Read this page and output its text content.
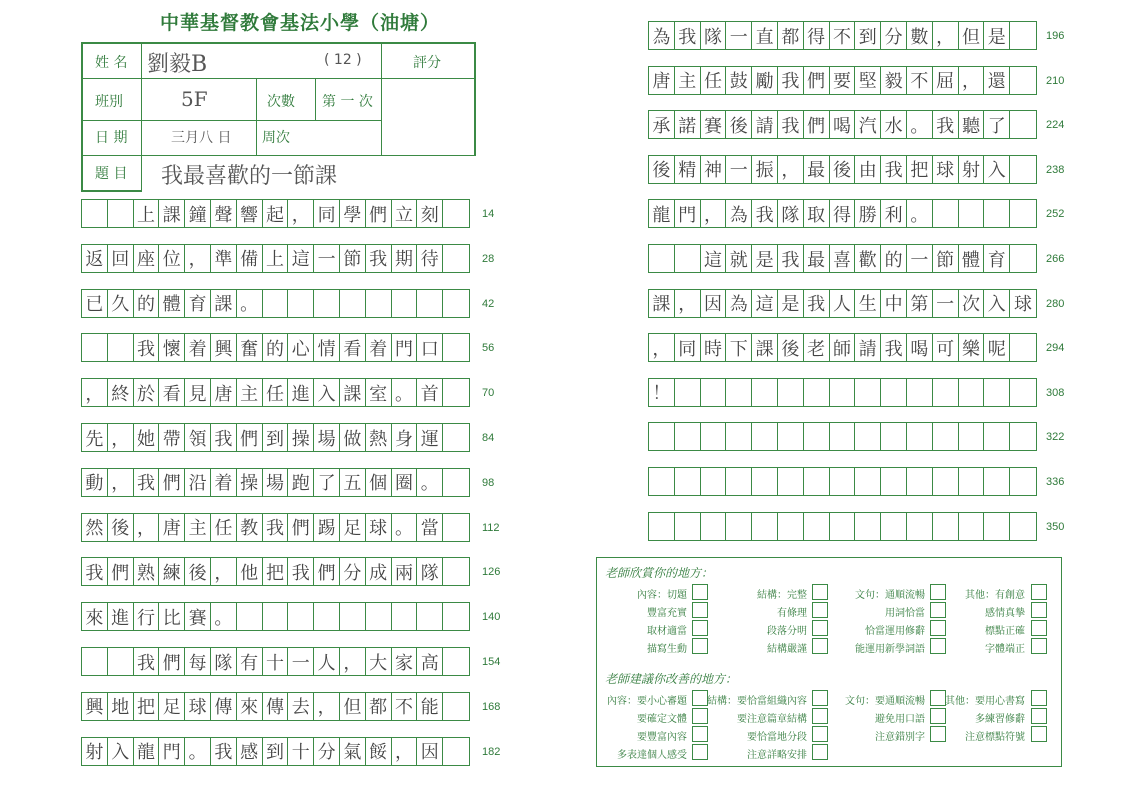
中華基督教會基法小學（油塘）
姓 名 劉毅B	( 12 )	評分
班別	5F	次數 第 一 次
日 期	三月八 日 周次
題 目 我最喜歡的一節課
上 課 鐘 聲 響 起 ， 同 學 們 立 刻	14
返 回 座 位 ， 準 備 上 這 一 節 我 期 待	28
已 久 的 體 育 課 。	42
我 懷 着 興 奮 的 心 情 看 着 門 口	56
， 終 於 看 見 唐 主 任 進 入 課 室 。 首	70
先 ， 她 帶 領 我 們 到 操 場 做 熱 身 運	84
動 ， 我 們 沿 着 操 場 跑 了 五 個 圈 。	98
然 後 ， 唐 主 任 教 我 們 踢 足 球 。 當	112
我 們 熟 練 後 ， 他 把 我 們 分 成 兩 隊	126
來 進 行 比 賽 。	140
我 們 每 隊 有 十 一 人 ， 大 家 高	154
興 地 把 足 球 傳 來 傳 去 ， 但 都 不 能	168
射 入 龍 門 。 我 感 到 十 分 氣 餒 ， 因	182
為 我 隊 一 直 都 得 不 到 分 數 ， 但 是	196
唐 主 任 鼓 勵 我 們 要 堅 毅 不 屈 ， 還	210
承 諾 賽 後 請 我 們 喝 汽 水 。 我 聽 了	224
後 精 神 一 振 ， 最 後 由 我 把 球 射 入	238
龍 門 ， 為 我 隊 取 得 勝 利 。	252
這 就 是 我 最 喜 歡 的 一 節 體 育	266
課 ， 因 為 這 是 我 人 生 中 第 一 次 入 球	280
， 同 時 下 課 後 老 師 請 我 喝 可 樂 呢	294
！	308
322
336
350
老師欣賞你的地方：
內容：切題	結構：完整	文句：通順流暢	其他：有創意
豐富充實	有條理	用詞恰當	感情真摯
取材適當	段落分明	恰當運用修辭	標點正確
描寫生動	結構嚴謹	能運用新學詞語	字體端正
老師建議你改善的地方：
內容：要小心審題 結構：要恰當組織內容	文句：要通順流暢 其他：要用心書寫
要確定文體	要注意篇章結構	避免用口語	多練習修辭
要豐富內容	要恰當地分段	注意錯別字	注意標點符號
多表達個人感受	注意詳略安排
